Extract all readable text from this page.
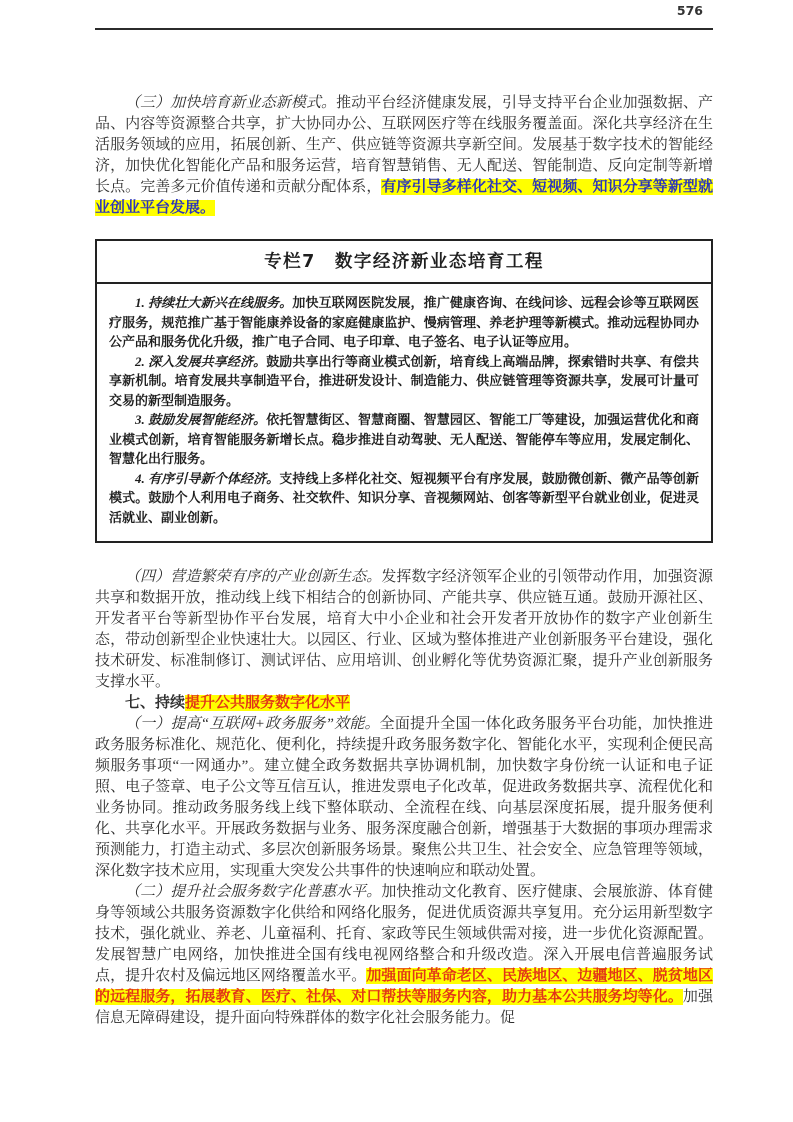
576

（三）加快培育新业态新模式。推动平台经济健康发展，引导支持平台企业加强数据、产品、内容等资源整合共享，扩大协同办公、互联网医疗等在线服务覆盖面。深化共享经济在生活服务领域的应用，拓展创新、生产、供应链等资源共享新空间。发展基于数字技术的智能经济，加快优化智能化产品和服务运营，培育智慧销售、无人配送、智能制造、反向定制等新增长点。完善多元价值传递和贡献分配体系，有序引导多样化社交、短视频、知识分享等新型就业创业平台发展。

专栏7　数字经济新业态培育工程

1. 持续壮大新兴在线服务。加快互联网医院发展，推广健康咨询、在线问诊、远程会诊等互联网医疗服务，规范推广基于智能康养设备的家庭健康监护、慢病管理、养老护理等新模式。推动远程协同办公产品和服务优化升级，推广电子合同、电子印章、电子签名、电子认证等应用。

2. 深入发展共享经济。鼓励共享出行等商业模式创新，培育线上高端品牌，探索错时共享、有偿共享新机制。培育发展共享制造平台，推进研发设计、制造能力、供应链管理等资源共享，发展可计量可交易的新型制造服务。

3. 鼓励发展智能经济。依托智慧街区、智慧商圈、智慧园区、智能工厂等建设，加强运营优化和商业模式创新，培育智能服务新增长点。稳步推进自动驾驶、无人配送、智能停车等应用，发展定制化、智慧化出行服务。

4. 有序引导新个体经济。支持线上多样化社交、短视频平台有序发展，鼓励微创新、微产品等创新模式。鼓励个人利用电子商务、社交软件、知识分享、音视频网站、创客等新型平台就业创业，促进灵活就业、副业创新。

（四）营造繁荣有序的产业创新生态。发挥数字经济领军企业的引领带动作用，加强资源共享和数据开放，推动线上线下相结合的创新协同、产能共享、供应链互通。鼓励开源社区、开发者平台等新型协作平台发展，培育大中小企业和社会开发者开放协作的数字产业创新生态，带动创新型企业快速壮大。以园区、行业、区域为整体推进产业创新服务平台建设，强化技术研发、标准制修订、测试评估、应用培训、创业孵化等优势资源汇聚，提升产业创新服务支撑水平。

七、持续提升公共服务数字化水平

（一）提高“互联网+政务服务”效能。全面提升全国一体化政务服务平台功能，加快推进政务服务标准化、规范化、便利化，持续提升政务服务数字化、智能化水平，实现利企便民高频服务事项“一网通办”。建立健全政务数据共享协调机制，加快数字身份统一认证和电子证照、电子签章、电子公文等互信互认，推进发票电子化改革，促进政务数据共享、流程优化和业务协同。推动政务服务线上线下整体联动、全流程在线、向基层深度拓展，提升服务便利化、共享化水平。开展政务数据与业务、服务深度融合创新，增强基于大数据的事项办理需求预测能力，打造主动式、多层次创新服务场景。聚焦公共卫生、社会安全、应急管理等领域，深化数字技术应用，实现重大突发公共事件的快速响应和联动处置。

（二）提升社会服务数字化普惠水平。加快推动文化教育、医疗健康、会展旅游、体育健身等领域公共服务资源数字化供给和网络化服务，促进优质资源共享复用。充分运用新型数字技术，强化就业、养老、儿童福利、托育、家政等民生领域供需对接，进一步优化资源配置。发展智慧广电网络，加快推进全国有线电视网络整合和升级改造。深入开展电信普遍服务试点，提升农村及偏远地区网络覆盖水平。加强面向革命老区、民族地区、边疆地区、脱贫地区的远程服务，拓展教育、医疗、社保、对口帮扶等服务内容，助力基本公共服务均等化。加强信息无障碍建设，提升面向特殊群体的数字化社会服务能力。促
